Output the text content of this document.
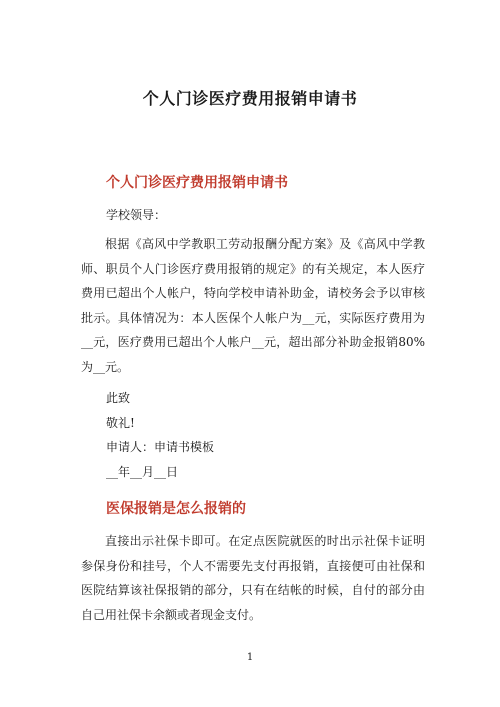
个人门诊医疗费用报销申请书
个人门诊医疗费用报销申请书
学校领导：
根据《高风中学教职工劳动报酬分配方案》及《高风中学教师、职员个人门诊医疗费用报销的规定》的有关规定，本人医疗费用已超出个人帐户，特向学校申请补助金，请校务会予以审核批示。具体情况为：本人医保个人帐户为__元，实际医疗费用为__元，医疗费用已超出个人帐户__元，超出部分补助金报销80%为__元。
此致
敬礼!
申请人：申请书模板
__年__月__日
医保报销是怎么报销的
直接出示社保卡即可。在定点医院就医的时出示社保卡证明参保身份和挂号，个人不需要先支付再报销，直接便可由社保和医院结算该社保报销的部分，只有在结帐的时候，自付的部分由自己用社保卡余额或者现金支付。
1
